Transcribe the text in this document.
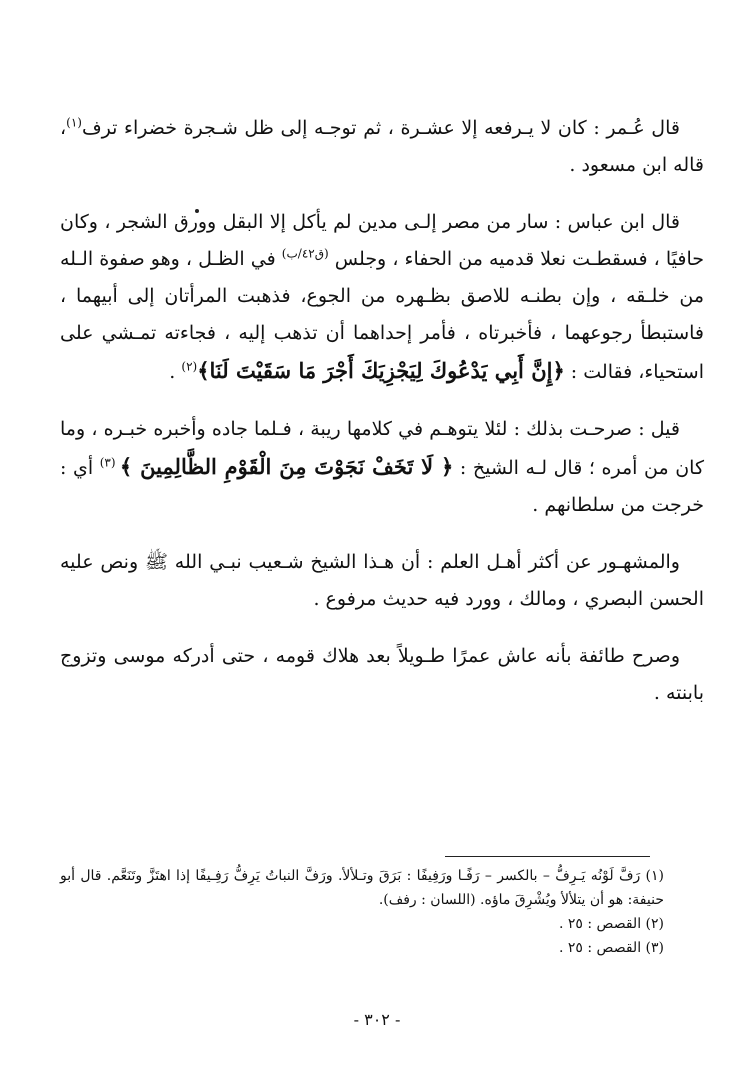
قال عُـمر : كان لا يـرفعه إلا عشـرة ، ثم توجـه إلى ظل شـجرة خضراء ترف$^{(١)}$، قاله ابن مسعود .

قال ابن عباس : سار من مصر إلـى مدين لم يأكل إلا البقل وورق الشجر ، وكان حافيًا ، فسقطـت نعلا قدميه من الحفاء ، وجلس $^{(ق٤٢/ب)}$ في الظـل ، وهو صفوة الـله من خلـقه ، وإن بطنـه للاصق بظـهره من الجوع، فذهبت المرأتان إلى أبيهما ، فاستبطأ رجوعهما ، فأخبرتاه ، فأمر إحداهما أن تذهب إليه ، فجاءته تمـشي على استحياء، فقالت : ﴿إِنَّ أَبِي يَدْعُوكَ لِيَجْزِيَكَ أَجْرَ مَا سَقَيْتَ لَنَا﴾$^{(٢)}$ .

قيل : صرحـت بذلك : لئلا يتوهـم في كلامها ريبة ، فـلما جاده وأخبره خبـره ، وما كان من أمره ؛ قال لـه الشيخ : ﴿ لَا تَخَفْ نَجَوْتَ مِنَ الْقَوْمِ الظَّالِمِينَ ﴾ $^{(٣)}$ أي : خرجت من سلطانهم .

والمشهـور عن أكثر أهـل العلم : أن هـذا الشيخ شـعيب نبـي الله ﷺ ونص عليه الحسن البصري ، ومالك ، وورد فيه حديث مرفوع .

وصرح طائفة بأنه عاش عمرًا طـويلاً بعد هلاك قومه ، حتى أدركه موسى وتزوج بابنته .

(١) رَفَّ لَوْنُه يَـرِفُّ – بالكسر – رَفًـا ورَفِيفًا : بَرَقَ وتـلألأ. ورَفَّ النباتُ يَرِفُّ رَفِـيفًا إذا اهتَزَّ وتَنَعَّم. قال أبو حنيفة: هو أن يتلألأ ويُشْرِقَ ماؤه. (اللسان : رفف).

(٢) القصص : ٢٥ .

(٣) القصص : ٢٥ .

- ٣٠٢ -
